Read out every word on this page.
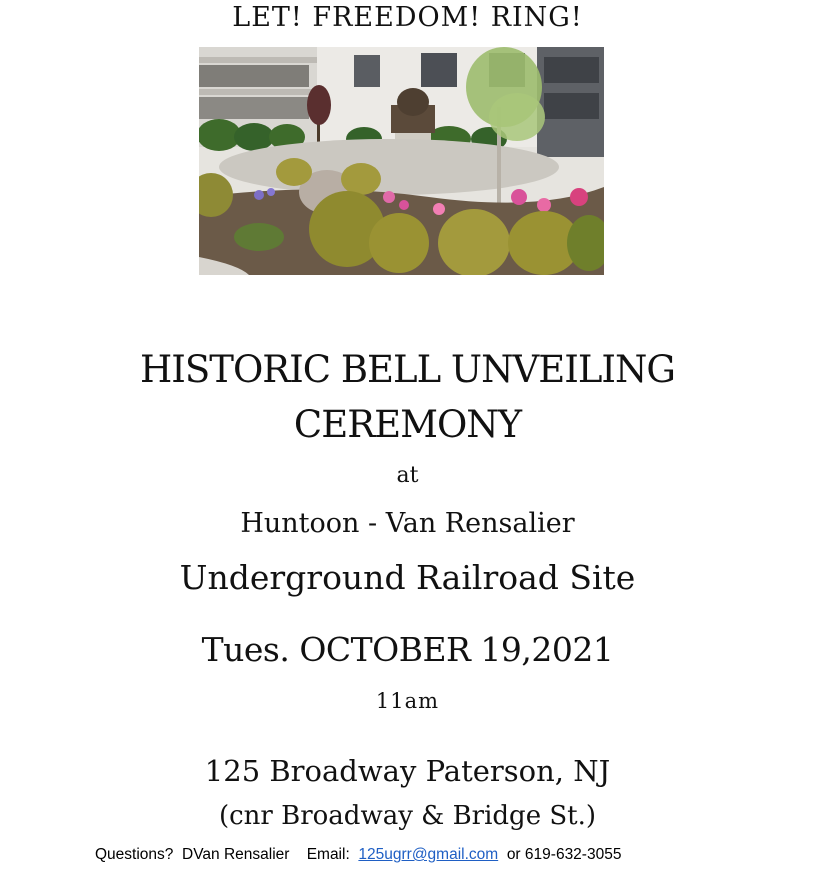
LET! FREEDOM! RING!
HISTORIC BELL UNVEILING
CEREMONY
at
Huntoon - Van Rensalier
Underground Railroad Site
Tues. OCTOBER 19,2021
11am
125 Broadway Paterson, NJ
(cnr Broadway & Bridge St.)
Questions? DVan Rensalier Email: 125ugrr@gmail.com or 619-632-3055
